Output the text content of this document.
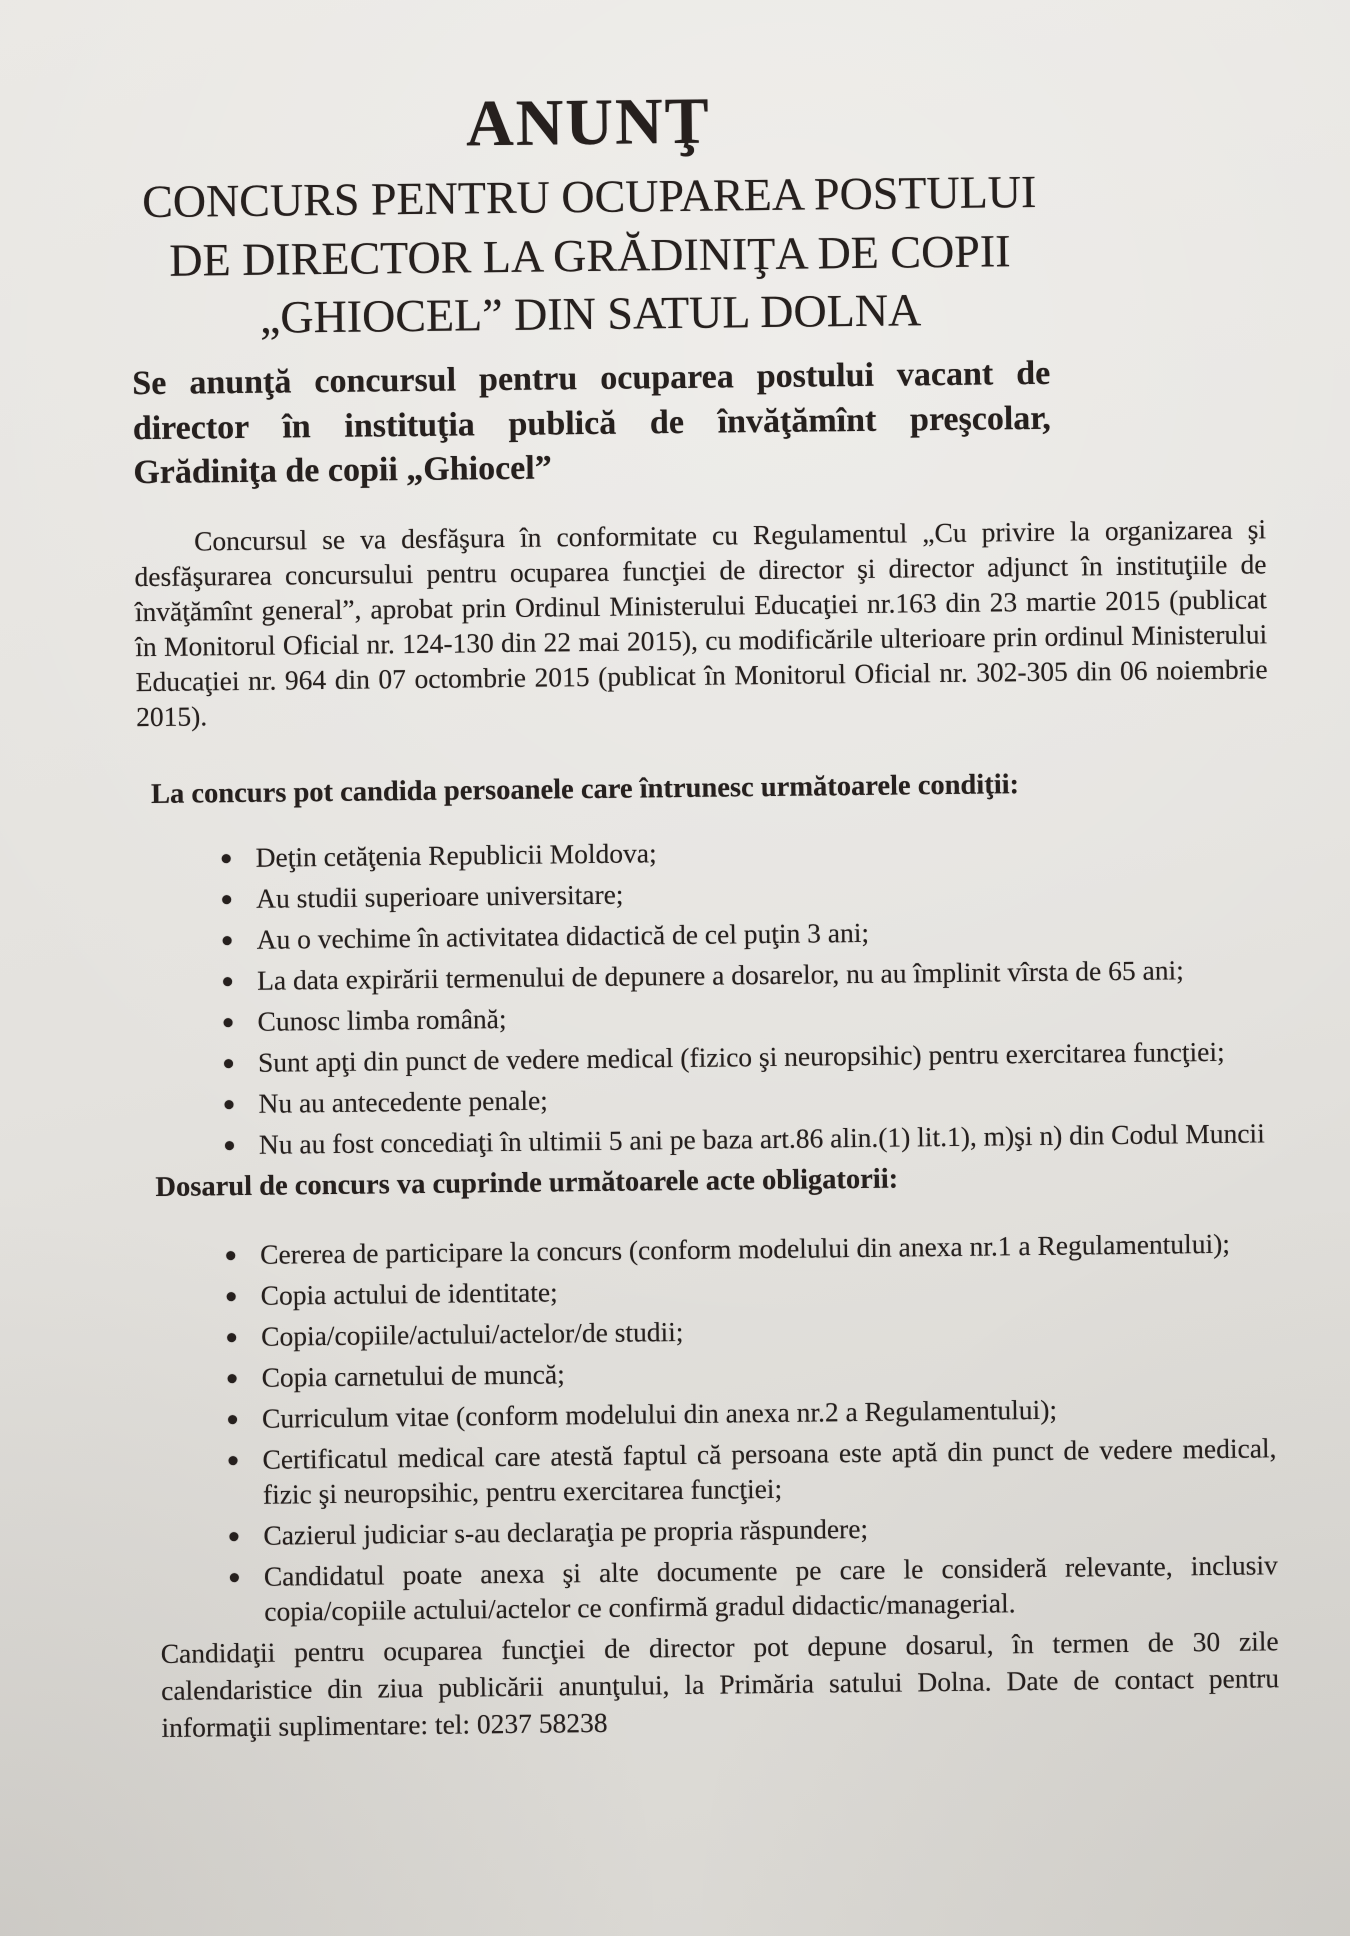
ANUNŢ
CONCURS PENTRU OCUPAREA POSTULUI DE DIRECTOR LA GRĂDINIŢA DE COPII „GHIOCEL” DIN SATUL DOLNA

Se anunţă concursul pentru ocuparea postului vacant de director în instituţia publică de învăţămînt preşcolar, Grădiniţa de copii „Ghiocel”

Concursul se va desfăşura în conformitate cu Regulamentul „Cu privire la organizarea şi desfăşurarea concursului pentru ocuparea funcţiei de director şi director adjunct în instituţiile de învăţămînt general”, aprobat prin Ordinul Ministerului Educaţiei nr.163 din 23 martie 2015 (publicat în Monitorul Oficial nr. 124-130 din 22 mai 2015), cu modificările ulterioare prin ordinul Ministerului Educaţiei nr. 964 din 07 octombrie 2015 (publicat în Monitorul Oficial nr. 302-305 din 06 noiembrie 2015).

La concurs pot candida persoanele care întrunesc următoarele condiţii:
Deţin cetăţenia Republicii Moldova;
Au studii superioare universitare;
Au o vechime în activitatea didactică de cel puţin 3 ani;
La data expirării termenului de depunere a dosarelor, nu au împlinit vîrsta de 65 ani;
Cunosc limba română;
Sunt apţi din punct de vedere medical (fizico şi neuropsihic) pentru exercitarea funcţiei;
Nu au antecedente penale;
Nu au fost concediaţi în ultimii 5 ani pe baza art.86 alin.(1) lit.1), m)şi n) din Codul Muncii
Dosarul de concurs va cuprinde următoarele acte obligatorii:
Cererea de participare la concurs (conform modelului din anexa nr.1 a Regulamentului);
Copia actului de identitate;
Copia/copiile/actului/actelor/de studii;
Copia carnetului de muncă;
Curriculum vitae (conform modelului din anexa nr.2 a Regulamentului);
Certificatul medical care atestă faptul că persoana este aptă din punct de vedere medical, fizic şi neuropsihic, pentru exercitarea funcţiei;
Cazierul judiciar s-au declaraţia pe propria răspundere;
Candidatul poate anexa şi alte documente pe care le consideră relevante, inclusiv copia/copiile actului/actelor ce confirmă gradul didactic/managerial.

Candidaţii pentru ocuparea funcţiei de director pot depune dosarul, în termen de 30 zile calendaristice din ziua publicării anunţului, la Primăria satului Dolna. Date de contact pentru informaţii suplimentare: tel: 0237 58238
